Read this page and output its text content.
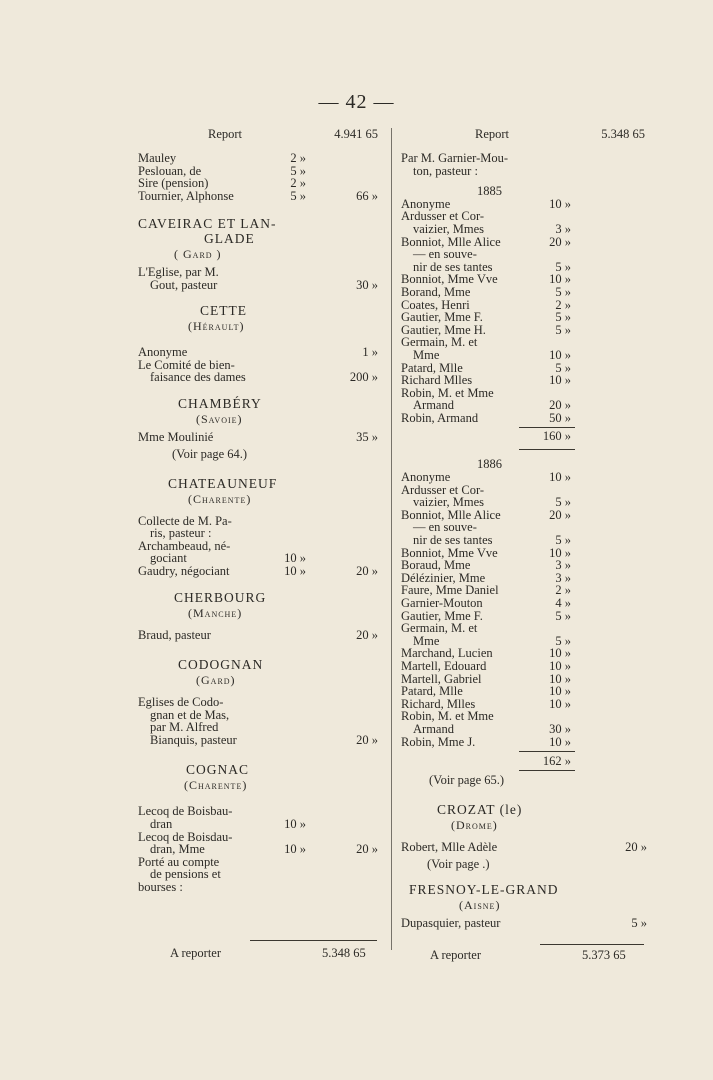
— 42 —
Report	4.941 65
Mauley	2 »
Peslouan, de	5 »
Sire (pension)	2 »
Tournier, Alphonse	5 »	66 »
CAVEIRAC ET LAN-
GLADE
( Gard )
L'Eglise, par M.
Gout, pasteur	30 »
CETTE
(Hérault)
Anonyme	1 »
Le Comité de bien-
faisance des dames	200 »
CHAMBÉRY
(Savoie)
Mme Moulinié	35 »
(Voir page 64.)
CHATEAUNEUF
(Charente)
Collecte de M. Pa-
ris, pasteur :
Archambeaud, né-
gociant	10 »
Gaudry, négociant	10 »	20 »
CHERBOURG
(Manche)
Braud, pasteur	20 »
CODOGNAN
(Gard)
Eglises de Codo-
gnan et de Mas,
par M. Alfred
Bianquis, pasteur	20 »
COGNAC
(Charente)
Lecoq de Boisbau-
dran	10 »
Lecoq de Boisdau-
dran, Mme	10 »	20 »
Porté au compte
de pensions et
bourses :
A reporter	5.348 65
Report	5.348 65
Par M. Garnier-Mou-
ton, pasteur :
1885
Anonyme	10 »
Ardusser et Cor-
vaizier, Mmes	3 »
Bonniot, Mlle Alice	20 »
— en souve-
nir de ses tantes	5 »
Bonniot, Mme Vve	10 »
Borand, Mme	5 »
Coates, Henri	2 »
Gautier, Mme F.	5 »
Gautier, Mme H.	5 »
Germain, M. et
Mme	10 »
Patard, Mlle	5 »
Richard Mlles	10 »
Robin, M. et Mme
Armand	20 »
Robin, Armand	50 »
160 »
1886
Anonyme	10 »
Ardusser et Cor-
vaizier, Mmes	5 »
Bonniot, Mlle Alice	20 »
— en souve-
nir de ses tantes	5 »
Bonniot, Mme Vve	10 »
Boraud, Mme	3 »
Délézinier, Mme	3 »
Faure, Mme Daniel	2 »
Garnier-Mouton	4 »
Gautier, Mme F.	5 »
Germain, M. et
Mme	5 »
Marchand, Lucien	10 »
Martell, Edouard	10 »
Martell, Gabriel	10 »
Patard, Mlle	10 »
Richard, Mlles	10 »
Robin, M. et Mme
Armand	30 »
Robin, Mme J.	10 »
162 »
(Voir page 65.)
CROZAT (le)
(Drome)
Robert, Mlle Adèle	20 »
(Voir page .)
FRESNOY-LE-GRAND
(Aisne)
Dupasquier, pasteur	5 »
A reporter	5.373 65
